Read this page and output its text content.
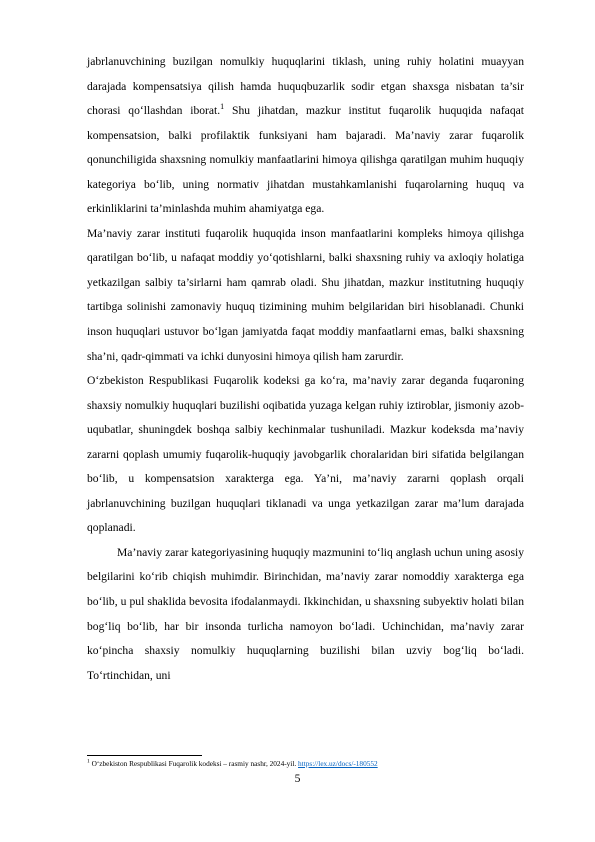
jabrlanuvchining buzilgan nomulkiy huquqlarini tiklash, uning ruhiy holatini muayyan darajada kompensatsiya qilish hamda huquqbuzarlik sodir etgan shaxsga nisbatan ta’sir chorasi qo‘llashdan iborat.$^1$ Shu jihatdan, mazkur institut fuqarolik huquqida nafaqat kompensatsion, balki profilaktik funksiyani ham bajaradi. Ma’naviy zarar fuqarolik qonunchiligida shaxsning nomulkiy manfaatlarini himoya qilishga qaratilgan muhim huquqiy kategoriya bo‘lib, uning normativ jihatdan mustahkamlanishi fuqarolarning huquq va erkinliklarini ta’minlashda muhim ahamiyatga ega.

Ma’naviy zarar instituti fuqarolik huquqida inson manfaatlarini kompleks himoya qilishga qaratilgan bo‘lib, u nafaqat moddiy yo‘qotishlarni, balki shaxsning ruhiy va axloqiy holatiga yetkazilgan salbiy ta’sirlarni ham qamrab oladi. Shu jihatdan, mazkur institutning huquqiy tartibga solinishi zamonaviy huquq tizimining muhim belgilaridan biri hisoblanadi. Chunki inson huquqlari ustuvor bo‘lgan jamiyatda faqat moddiy manfaatlarni emas, balki shaxsning sha’ni, qadr-qimmati va ichki dunyosini himoya qilish ham zarurdir.

O‘zbekiston Respublikasi Fuqarolik kodeksi ga ko‘ra, ma’naviy zarar deganda fuqaroning shaxsiy nomulkiy huquqlari buzilishi oqibatida yuzaga kelgan ruhiy iztiroblar, jismoniy azob-uqubatlar, shuningdek boshqa salbiy kechinmalar tushuniladi. Mazkur kodeksda ma’naviy zararni qoplash umumiy fuqarolik-huquqiy javobgarlik choralaridan biri sifatida belgilangan bo‘lib, u kompensatsion xarakterga ega. Ya’ni, ma’naviy zararni qoplash orqali jabrlanuvchining buzilgan huquqlari tiklanadi va unga yetkazilgan zarar ma’lum darajada qoplanadi.

Ma’naviy zarar kategoriyasining huquqiy mazmunini to‘liq anglash uchun uning asosiy belgilarini ko‘rib chiqish muhimdir. Birinchidan, ma’naviy zarar nomoddiy xarakterga ega bo‘lib, u pul shaklida bevosita ifodalanmaydi. Ikkinchidan, u shaxsning subyektiv holati bilan bog‘liq bo‘lib, har bir insonda turlicha namoyon bo‘ladi. Uchinchidan, ma’naviy zarar ko‘pincha shaxsiy nomulkiy huquqlarning buzilishi bilan uzviy bog‘liq bo‘ladi. To‘rtinchidan, uni

$^1$ O‘zbekiston Respublikasi Fuqarolik kodeksi – rasmiy nashr, 2024-yil. https://lex.uz/docs/-180552
5
